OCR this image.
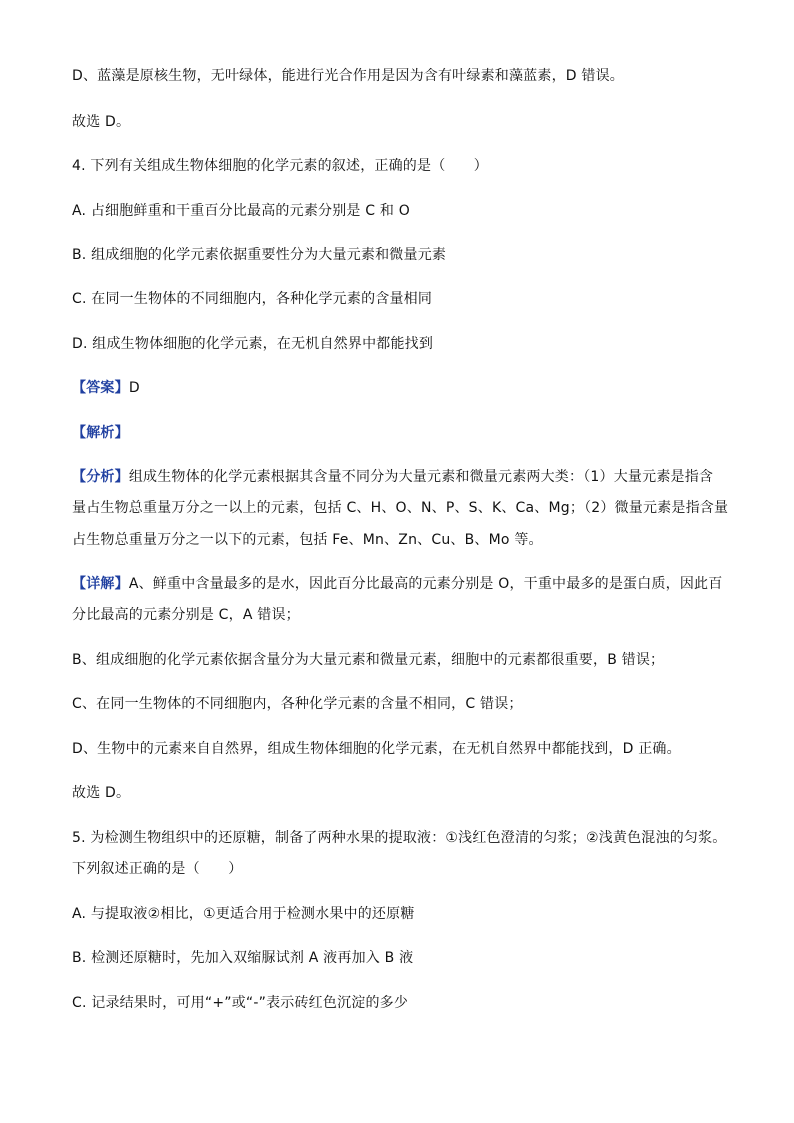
D、蓝藻是原核生物，无叶绿体，能进行光合作用是因为含有叶绿素和藻蓝素，D 错误。
故选 D。
4. 下列有关组成生物体细胞的化学元素的叙述，正确的是（　　）
A. 占细胞鲜重和干重百分比最高的元素分别是 C 和 O
B. 组成细胞的化学元素依据重要性分为大量元素和微量元素
C. 在同一生物体的不同细胞内，各种化学元素的含量相同
D. 组成生物体细胞的化学元素，在无机自然界中都能找到
【答案】D
【解析】
【分析】组成生物体的化学元素根据其含量不同分为大量元素和微量元素两大类：（1）大量元素是指含
量占生物总重量万分之一以上的元素，包括 C、H、O、N、P、S、K、Ca、Mg；（2）微量元素是指含量
占生物总重量万分之一以下的元素，包括 Fe、Mn、Zn、Cu、B、Mo 等。
【详解】A、鲜重中含量最多的是水，因此百分比最高的元素分别是 O，干重中最多的是蛋白质，因此百
分比最高的元素分别是 C，A 错误；
B、组成细胞的化学元素依据含量分为大量元素和微量元素，细胞中的元素都很重要，B 错误；
C、在同一生物体的不同细胞内，各种化学元素的含量不相同，C 错误；
D、生物中的元素来自自然界，组成生物体细胞的化学元素，在无机自然界中都能找到，D 正确。
故选 D。
5. 为检测生物组织中的还原糖，制备了两种水果的提取液：①浅红色澄清的匀浆；②浅黄色混浊的匀浆。
下列叙述正确的是（　　）
A. 与提取液②相比，①更适合用于检测水果中的还原糖
B. 检测还原糖时，先加入双缩脲试剂 A 液再加入 B 液
C. 记录结果时，可用“+”或“-”表示砖红色沉淀的多少
